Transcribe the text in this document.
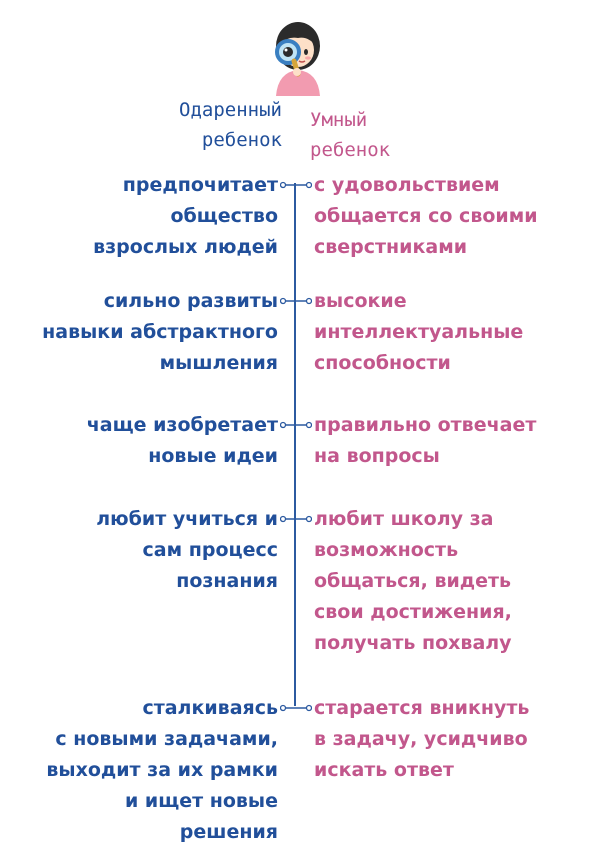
Одаренный
ребенок
Умный
ребенок
предпочитает
общество
взрослых людей
с удовольствием
общается со своими
сверстниками
сильно развиты
навыки абстрактного
мышления
высокие
интеллектуальные
способности
чаще изобретает
новые идеи
правильно отвечает
на вопросы
любит учиться и
сам процесс
познания
любит школу за
возможность
общаться, видеть
свои достижения,
получать похвалу
сталкиваясь
с новыми задачами,
выходит за их рамки
и ищет новые
решения
старается вникнуть
в задачу, усидчиво
искать ответ
